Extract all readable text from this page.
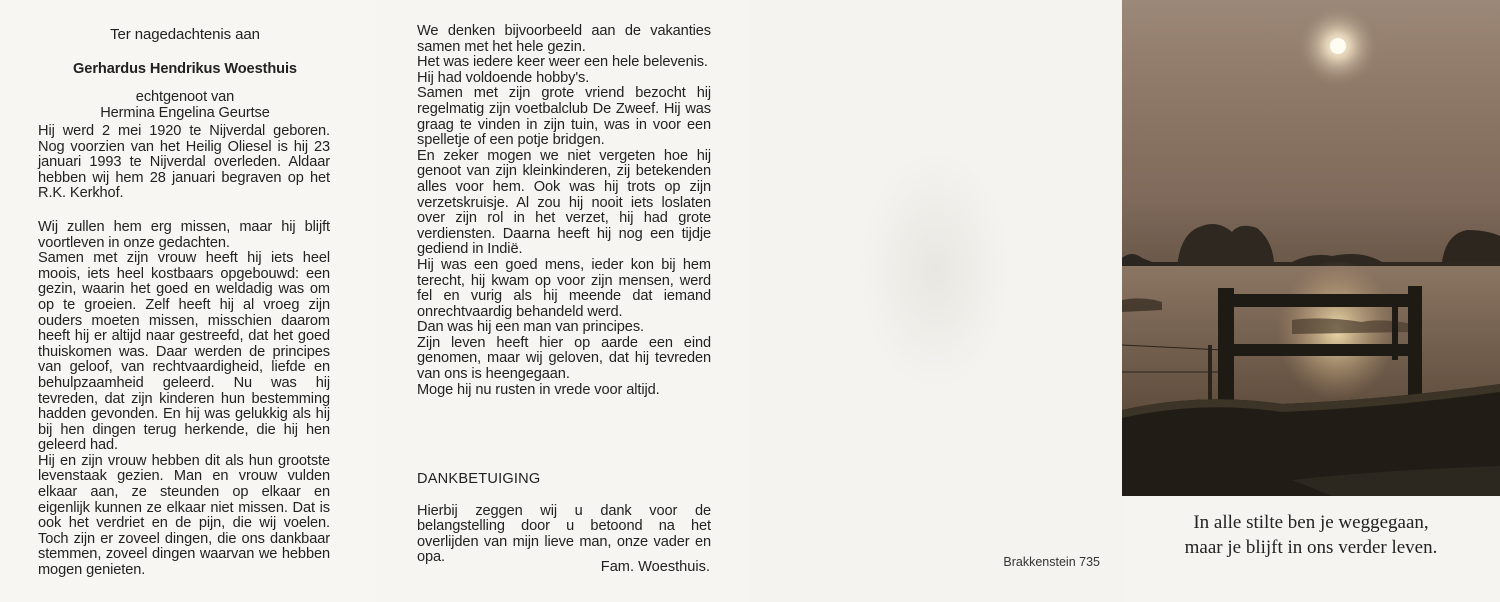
Ter nagedachtenis aan

Gerhardus Hendrikus Woesthuis

echtgenoot van

Hermina Engelina Geurtse

Hij werd 2 mei 1920 te Nijverdal geboren. Nog voorzien van het Heilig Oliesel is hij 23 januari 1993 te Nijverdal overleden. Aldaar hebben wij hem 28 januari begraven op het R.K. Kerkhof.

Wij zullen hem erg missen, maar hij blijft voortleven in onze gedachten.

Samen met zijn vrouw heeft hij iets heel moois, iets heel kostbaars opgebouwd: een gezin, waarin het goed en weldadig was om op te groeien. Zelf heeft hij al vroeg zijn ouders moeten missen, misschien daarom heeft hij er altijd naar gestreefd, dat het goed thuiskomen was. Daar werden de principes van geloof, van rechtvaardigheid, liefde en behulpzaamheid geleerd. Nu was hij tevreden, dat zijn kinderen hun bestemming hadden gevonden. En hij was gelukkig als hij bij hen dingen terug herkende, die hij hen geleerd had.

Hij en zijn vrouw hebben dit als hun grootste levenstaak gezien. Man en vrouw vulden elkaar aan, ze steunden op elkaar en eigenlijk kunnen ze elkaar niet missen. Dat is ook het verdriet en de pijn, die wij voelen. Toch zijn er zoveel dingen, die ons dankbaar stemmen, zoveel dingen waarvan we hebben mogen genieten.

We denken bijvoorbeeld aan de vakanties samen met het hele gezin.

Het was iedere keer weer een hele belevenis.

Hij had voldoende hobby's.

Samen met zijn grote vriend bezocht hij regelmatig zijn voetbalclub De Zweef. Hij was graag te vinden in zijn tuin, was in voor een spelletje of een potje bridgen.

En zeker mogen we niet vergeten hoe hij genoot van zijn kleinkinderen, zij betekenden alles voor hem. Ook was hij trots op zijn verzetskruisje. Al zou hij nooit iets loslaten over zijn rol in het verzet, hij had grote verdiensten. Daarna heeft hij nog een tijdje gediend in Indië.

Hij was een goed mens, ieder kon bij hem terecht, hij kwam op voor zijn mensen, werd fel en vurig als hij meende dat iemand onrechtvaardig behandeld werd.

Dan was hij een man van principes.

Zijn leven heeft hier op aarde een eind genomen, maar wij geloven, dat hij tevreden van ons is heengegaan.

Moge hij nu rusten in vrede voor altijd.

DANKBETUIGING

Hierbij zeggen wij u dank voor de belangstelling door u betoond na het overlijden van mijn lieve man, onze vader en opa.

Fam. Woesthuis.	Brakkenstein 735
In alle stilte ben je weggegaan,
maar je blijft in ons verder leven.
